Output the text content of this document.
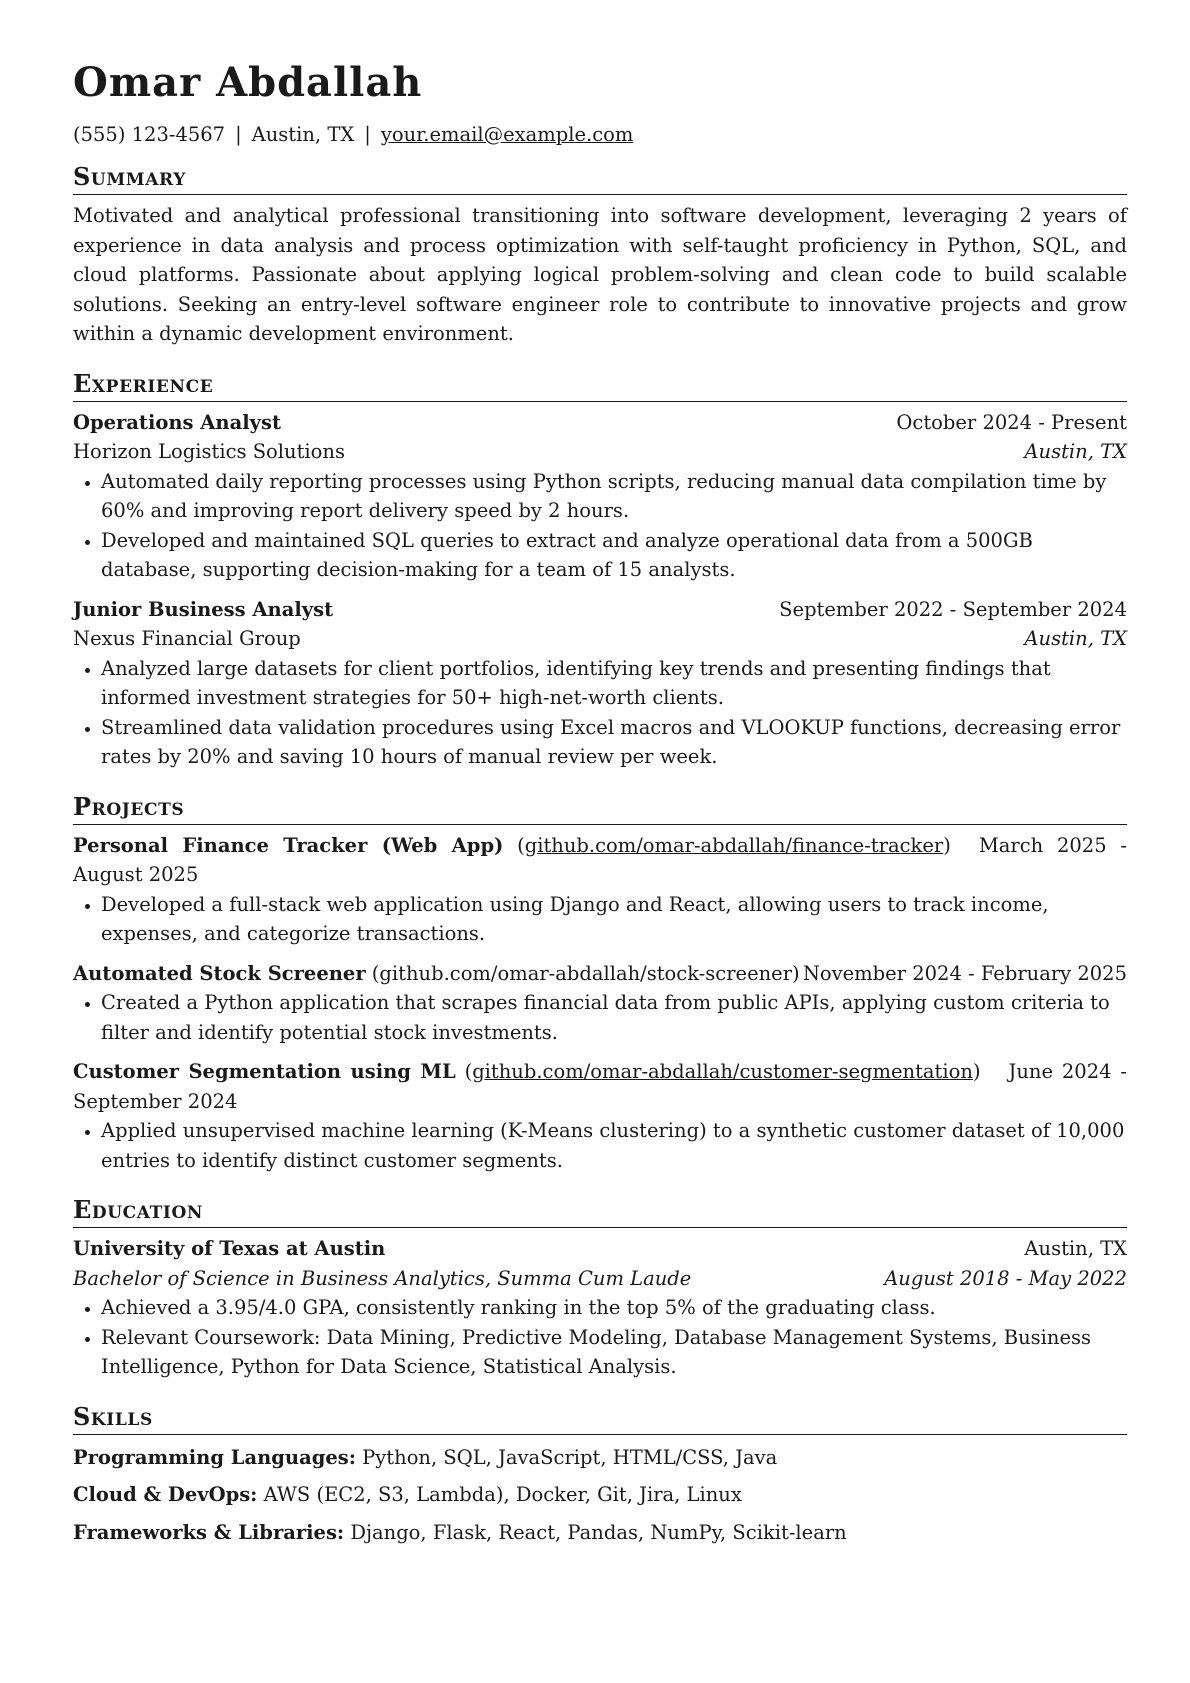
Omar Abdallah
(555) 123-4567 | Austin, TX | your.email@example.com
Summary
Motivated and analytical professional transitioning into software development, leveraging 2 years of experience in data analysis and process optimization with self-taught proficiency in Python, SQL, and cloud platforms. Passionate about applying logical problem-solving and clean code to build scalable solutions. Seeking an entry-level software engineer role to contribute to innovative projects and grow within a dynamic development environment.
Experience
Operations Analyst	October 2024 - Present
Horizon Logistics Solutions	Austin, TX
• Automated daily reporting processes using Python scripts, reducing manual data compilation time by 60% and improving report delivery speed by 2 hours.
• Developed and maintained SQL queries to extract and analyze operational data from a 500GB database, supporting decision-making for a team of 15 analysts.
Junior Business Analyst	September 2022 - September 2024
Nexus Financial Group	Austin, TX
• Analyzed large datasets for client portfolios, identifying key trends and presenting findings that informed investment strategies for 50+ high-net-worth clients.
• Streamlined data validation procedures using Excel macros and VLOOKUP functions, decreasing error rates by 20% and saving 10 hours of manual review per week.
Projects
Personal Finance Tracker (Web App) (github.com/omar-abdallah/finance-tracker) March 2025 - August 2025
• Developed a full-stack web application using Django and React, allowing users to track income, expenses, and categorize transactions.
Automated Stock Screener (github.com/omar-abdallah/stock-screener) November 2024 - February 2025
• Created a Python application that scrapes financial data from public APIs, applying custom criteria to filter and identify potential stock investments.
Customer Segmentation using ML (github.com/omar-abdallah/customer-segmentation) June 2024 - September 2024
• Applied unsupervised machine learning (K-Means clustering) to a synthetic customer dataset of 10,000 entries to identify distinct customer segments.
Education
University of Texas at Austin	Austin, TX
Bachelor of Science in Business Analytics, Summa Cum Laude	August 2018 - May 2022
• Achieved a 3.95/4.0 GPA, consistently ranking in the top 5% of the graduating class.
• Relevant Coursework: Data Mining, Predictive Modeling, Database Management Systems, Business Intelligence, Python for Data Science, Statistical Analysis.
Skills
Programming Languages: Python, SQL, JavaScript, HTML/CSS, Java
Cloud & DevOps: AWS (EC2, S3, Lambda), Docker, Git, Jira, Linux
Frameworks & Libraries: Django, Flask, React, Pandas, NumPy, Scikit-learn
